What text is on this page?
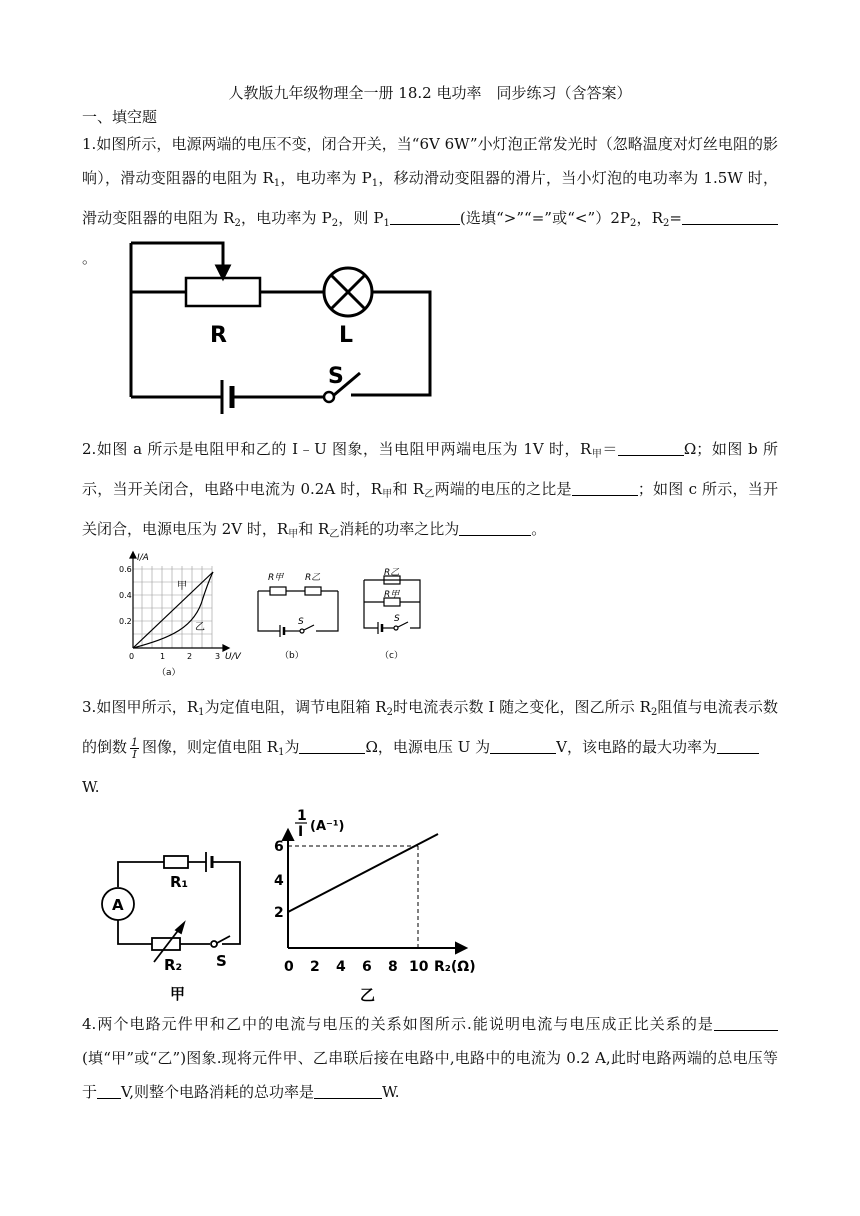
人教版九年级物理全一册 18.2 电功率　同步练习（含答案）
一、填空题
1.如图所示，电源两端的电压不变，闭合开关，当“6V 6W”小灯泡正常发光时（忽略温度对灯丝电阻的影响），滑动变阻器的电阻为 $R_1$，电功率为 $P_1$，移动滑动变阻器的滑片，当小灯泡的电功率为 1.5W 时，滑动变阻器的电阻为 $R_2$，电功率为 $P_2$，则 $P_1$	(选填“>”“=”或“$<”)2P_2$，$R_2=$。
R	L
S
2.如图 a 所示是电阻甲和乙的 I﹣U 图象，当电阻甲两端电压为 1V 时，$R_甲=$	Ω；如图 b 所示，当开关闭合，电路中电流为 0.2A 时，$R_甲$和 $R_乙$两端的电压的之比是	；如图 c 所示，当开关闭合，电源电压为 2V 时，$R_甲$和 $R_乙$消耗的功率之比为	。
I/A
0.6
0.4
0.2
0	1	2	3 U/V
甲
乙
（a）
R甲 R乙
S
（b）
R乙
R甲
S
（c）
3.如图甲所示，$R_1$为定值电阻，调节电阻箱 $R_2$时电流表示数 I 随之变化，图乙所示 $R_2$阻值与电流表示数的倒数 $\frac{1}{I}$ 图像，则定值电阻 $R_1$为	Ω，电源电压 U 为	V，该电路的最大功率为
W.
A
R₁
R₂ S
甲
1
I (A⁻¹)
6
4
2
0 2 4 6 8 10 R₂(Ω)
乙
4.两个电路元件甲和乙中的电流与电压的关系如图所示.能说明电流与电压成正比关系的是(填“甲”或“乙”)图象.现将元件甲、乙串联后接在电路中,电路中的电流为 0.2 A,此时电路两端的总电压等于 V,则整个电路消耗的总功率是	W.
